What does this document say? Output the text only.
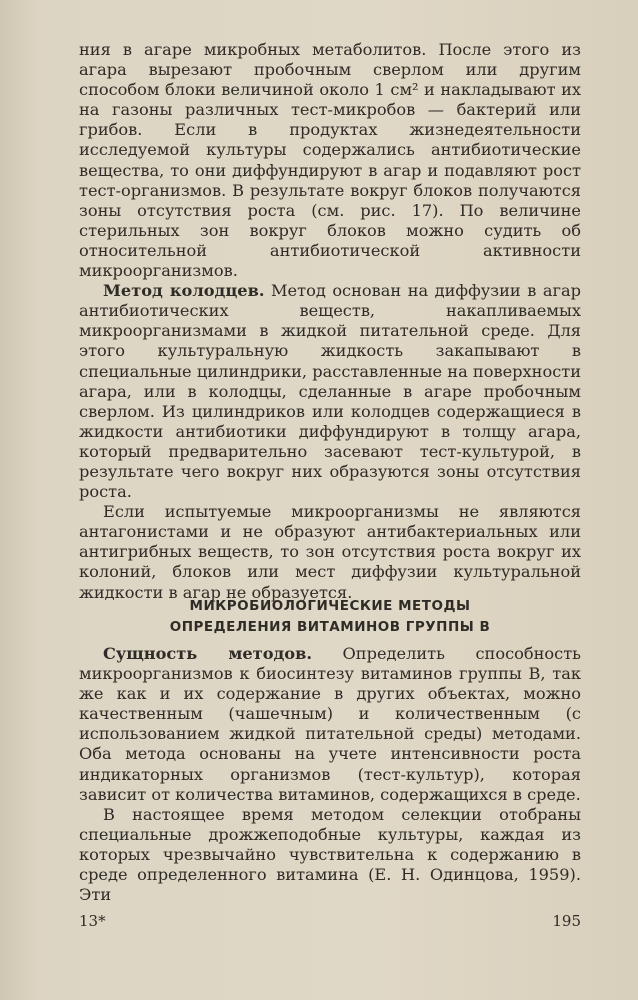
ния в агаре микробных метаболитов. После этого из агара вырезают пробочным сверлом или другим способом блоки величиной около 1 см² и накладывают их на газоны различных тест-микробов — бактерий или грибов. Если в продуктах жизнедеятельности исследуемой культуры содержались антибиотические вещества, то они диффундируют в агар и подавляют рост тест-организмов. В результате вокруг блоков получаются зоны отсутствия роста (см. рис. 17). По величине стерильных зон вокруг блоков можно судить об относительной антибиотической активности микроорганизмов.

Метод колодцев. Метод основан на диффузии в агар антибиотических веществ, накапливаемых микроорганизмами в жидкой питательной среде. Для этого культуральную жидкость закапывают в специальные цилиндрики, расставленные на поверхности агара, или в колодцы, сделанные в агаре пробочным сверлом. Из цилиндриков или колодцев содержащиеся в жидкости антибиотики диффундируют в толщу агара, который предварительно засевают тест-культурой, в результате чего вокруг них образуются зоны отсутствия роста.

Если испытуемые микроорганизмы не являются антагонистами и не образуют антибактериальных или антигрибных веществ, то зон отсутствия роста вокруг их колоний, блоков или мест диффузии культуральной жидкости в агар не образуется.

МИКРОБИОЛОГИЧЕСКИЕ МЕТОДЫ
ОПРЕДЕЛЕНИЯ ВИТАМИНОВ ГРУППЫ B

Сущность методов. Определить способность микроорганизмов к биосинтезу витаминов группы B, так же как и их содержание в других объектах, можно качественным (чашечным) и количественным (с использованием жидкой питательной среды) методами. Оба метода основаны на учете интенсивности роста индикаторных организмов (тест-культур), которая зависит от количества витаминов, содержащихся в среде.

В настоящее время методом селекции отобраны специальные дрожжеподобные культуры, каждая из которых чрезвычайно чувствительна к содержанию в среде определенного витамина (Е. Н. Одинцова, 1959). Эти

13*	195
